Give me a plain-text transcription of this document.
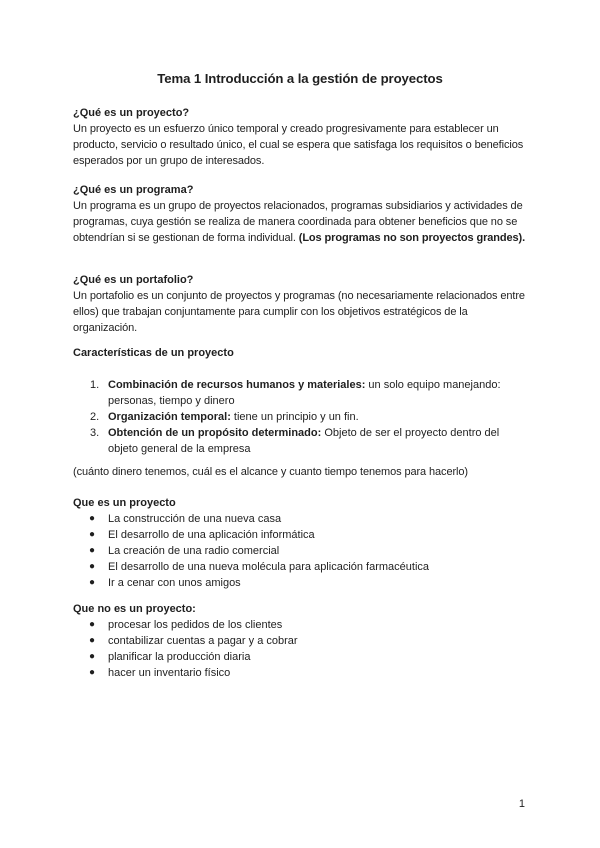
Tema 1 Introducción a la gestión de proyectos
¿Qué es un proyecto?
Un proyecto es un esfuerzo único temporal y creado progresivamente para establecer un producto, servicio o resultado único, el cual se espera que satisfaga los requisitos o beneficios esperados por un grupo de interesados.
¿Qué es un programa?
Un programa es un grupo de proyectos relacionados, programas subsidiarios y actividades de programas, cuya gestión se realiza de manera coordinada para obtener beneficios que no se obtendrían si se gestionan de forma individual. (Los programas no son proyectos grandes).
¿Qué es un portafolio?
Un portafolio es un conjunto de proyectos y programas (no necesariamente relacionados entre ellos) que trabajan conjuntamente para cumplir con los objetivos estratégicos de la organización.
Características de un proyecto
1. Combinación de recursos humanos y materiales: un solo equipo manejando: personas, tiempo y dinero
2. Organización temporal: tiene un principio y un fin.
3. Obtención de un propósito determinado: Objeto de ser el proyecto dentro del objeto general de la empresa
(cuánto dinero tenemos, cuál es el alcance y cuanto tiempo tenemos para hacerlo)
Que es un proyecto
● La construcción de una nueva casa
● El desarrollo de una aplicación informática
● La creación de una radio comercial
● El desarrollo de una nueva molécula para aplicación farmacéutica
● Ir a cenar con unos amigos
Que no es un proyecto:
● procesar los pedidos de los clientes
● contabilizar cuentas a pagar y a cobrar
● planificar la producción diaria
● hacer un inventario físico
1
